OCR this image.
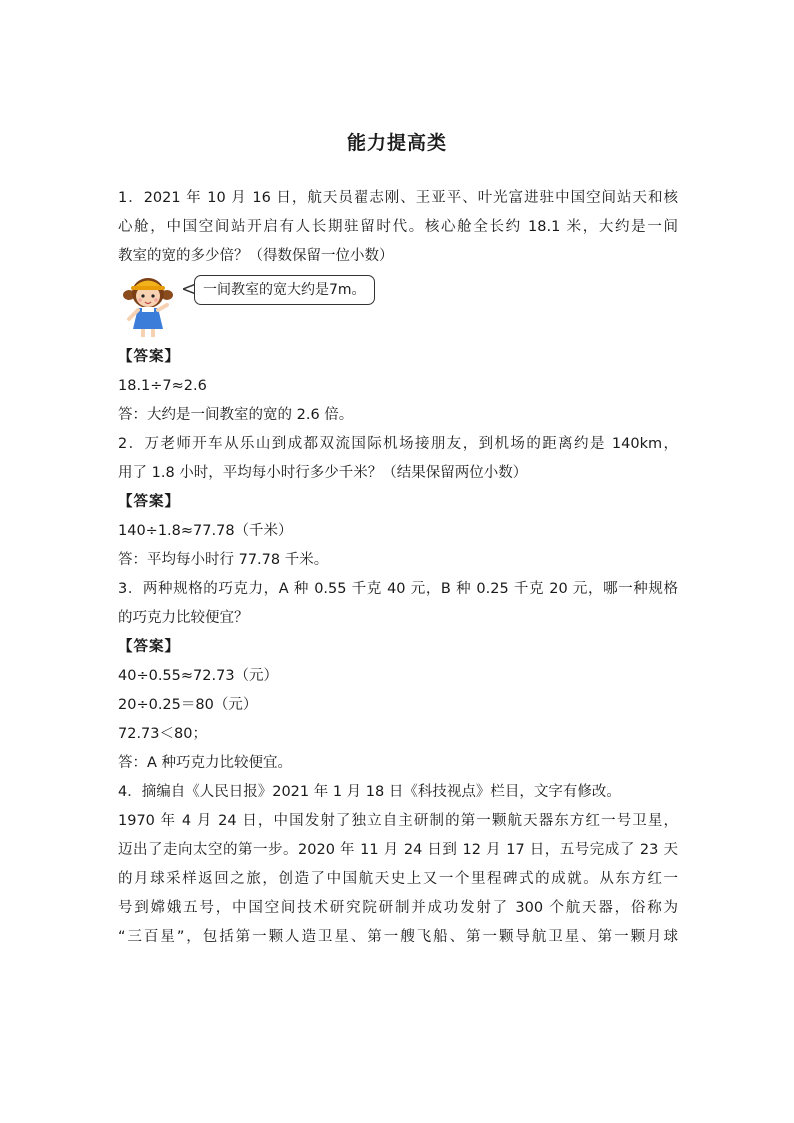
能力提高类
1．2021 年 10 月 16 日，航天员翟志刚、王亚平、叶光富进驻中国空间站天和核
心舱，中国空间站开启有人长期驻留时代。核心舱全长约 18.1 米，大约是一间
教室的宽的多少倍？（得数保留一位小数）
一间教室的宽大约是7m。
【答案】
18.1÷7≈2.6
答：大约是一间教室的宽的 2.6 倍。
2．万老师开车从乐山到成都双流国际机场接朋友，到机场的距离约是 140km，
用了 1.8 小时，平均每小时行多少千米？（结果保留两位小数）
【答案】
140÷1.8≈77.78（千米）
答：平均每小时行 77.78 千米。
3．两种规格的巧克力，A 种 0.55 千克 40 元，B 种 0.25 千克 20 元，哪一种规格
的巧克力比较便宜？
【答案】
40÷0.55≈72.73（元）
20÷0.25＝80（元）
72.73＜80；
答：A 种巧克力比较便宜。
4．摘编自《人民日报》2021 年 1 月 18 日《科技视点》栏目，文字有修改。
1970 年 4 月 24 日，中国发射了独立自主研制的第一颗航天器东方红一号卫星，
迈出了走向太空的第一步。2020 年 11 月 24 日到 12 月 17 日，五号完成了 23 天
的月球采样返回之旅，创造了中国航天史上又一个里程碑式的成就。从东方红一
号到嫦娥五号，中国空间技术研究院研制并成功发射了 300 个航天器，俗称为
“三百星”，包括第一颗人造卫星、第一艘飞船、第一颗导航卫星、第一颗月球
